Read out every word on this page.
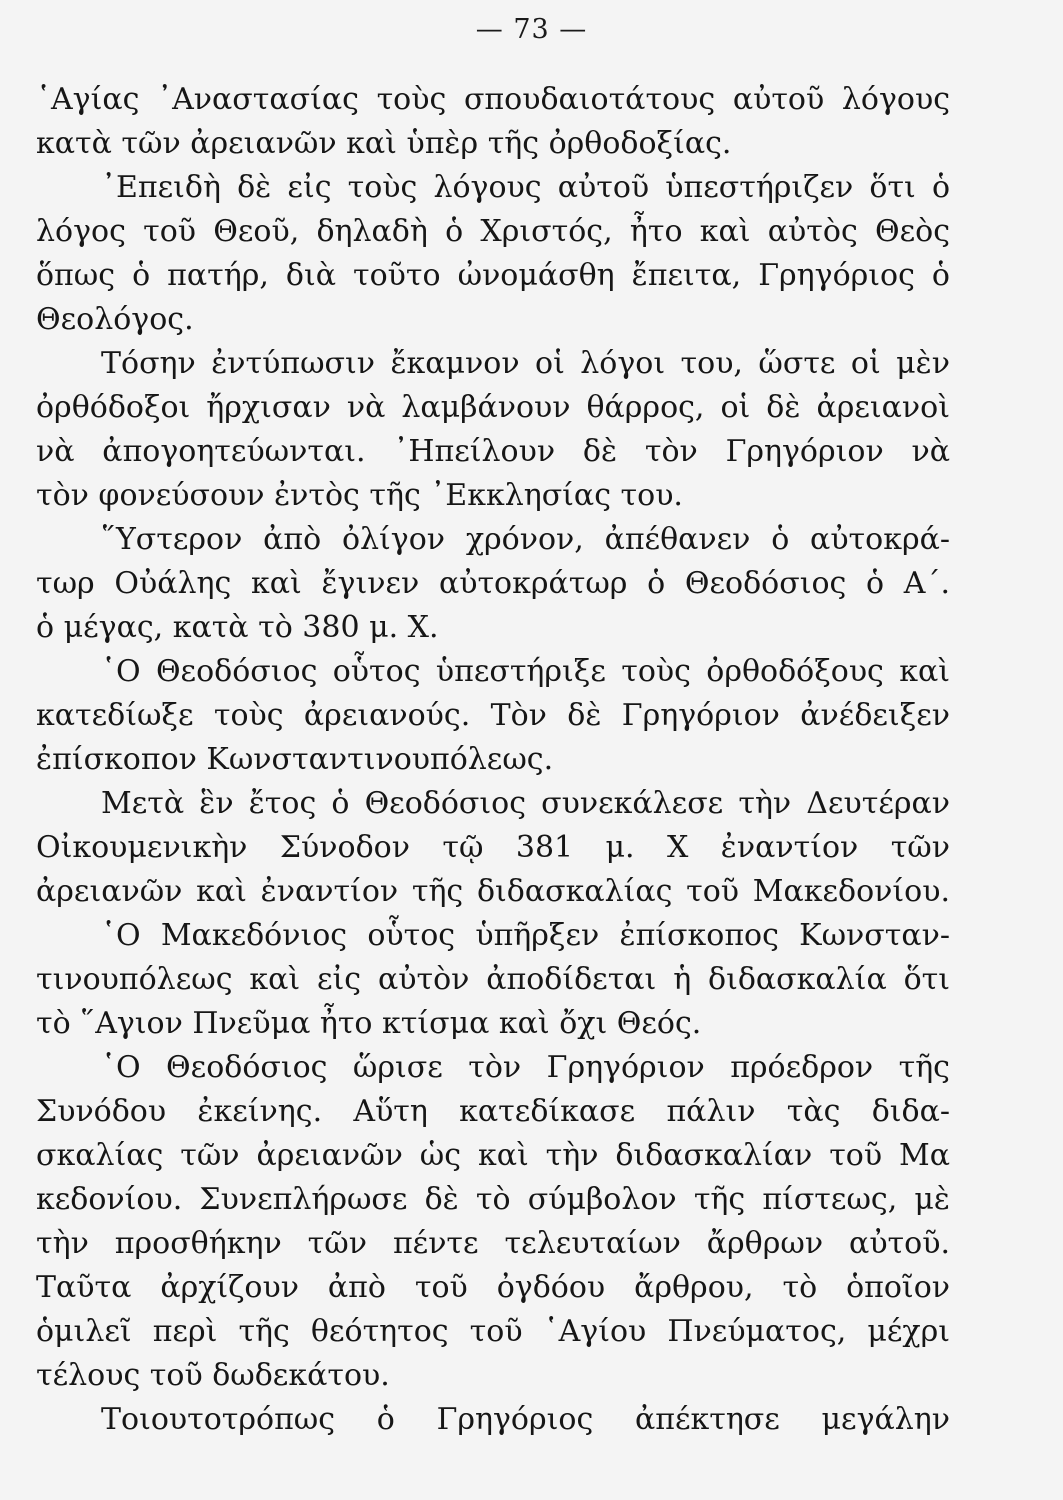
— 73 —
῾Αγίας ᾿Αναστασίας τοὺς σπουδαιοτάτους αὐτοῦ λόγους
κατὰ τῶν ἀρειανῶν καὶ ὑπὲρ τῆς ὀρθοδοξίας.
᾿Επειδὴ δὲ εἰς τοὺς λόγους αὐτοῦ ὑπεστήριζεν ὅτι ὁ
λόγος τοῦ Θεοῦ, δηλαδὴ ὁ Χριστός, ἦτο καὶ αὐτὸς Θεὸς
ὅπως ὁ πατήρ, διὰ τοῦτο ὠνομάσθη ἔπειτα, Γρηγόριος ὁ
Θεολόγος.
Τόσην ἐντύπωσιν ἔκαμνον οἱ λόγοι του, ὥστε οἱ μὲν
ὀρθόδοξοι ἤρχισαν νὰ λαμβάνουν θάρρος, οἱ δὲ ἀρειανοὶ
νὰ ἀπογοητεύωνται. ᾿Ηπείλουν δὲ τὸν Γρηγόριον νὰ
τὸν φονεύσουν ἐντὸς τῆς ᾿Εκκλησίας του.
῞Υστερον ἀπὸ ὀλίγον χρόνον, ἀπέθανεν ὁ αὐτοκρά-
τωρ Οὐάλης καὶ ἔγινεν αὐτοκράτωρ ὁ Θεοδόσιος ὁ Α΄.
ὁ μέγας, κατὰ τὸ 380 μ. Χ.
῾Ο Θεοδόσιος οὗτος ὑπεστήριξε τοὺς ὀρθοδόξους καὶ
κατεδίωξε τοὺς ἀρειανούς. Τὸν δὲ Γρηγόριον ἀνέδειξεν
ἐπίσκοπον Κωνσταντινουπόλεως.
Μετὰ ἓν ἔτος ὁ Θεοδόσιος συνεκάλεσε τὴν Δευτέραν
Οἰκουμενικὴν Σύνοδον τῷ 381 μ. Χ ἐναντίον τῶν
ἀρειανῶν καὶ ἐναντίον τῆς διδασκαλίας τοῦ Μακεδονίου.
῾Ο Μακεδόνιος οὗτος ὑπῆρξεν ἐπίσκοπος Κωνσταν-
τινουπόλεως καὶ εἰς αὐτὸν ἀποδίδεται ἡ διδασκαλία ὅτι
τὸ ῞Αγιον Πνεῦμα ἦτο κτίσμα καὶ ὄχι Θεός.
῾Ο Θεοδόσιος ὥρισε τὸν Γρηγόριον πρόεδρον τῆς
Συνόδου ἐκείνης. Αὕτη κατεδίκασε πάλιν τὰς διδα-
σκαλίας τῶν ἀρειανῶν ὡς καὶ τὴν διδασκαλίαν τοῦ Μα
κεδονίου. Συνεπλήρωσε δὲ τὸ σύμβολον τῆς πίστεως, μὲ
τὴν προσθήκην τῶν πέντε τελευταίων ἄρθρων αὐτοῦ.
Ταῦτα ἀρχίζουν ἀπὸ τοῦ ὀγδόου ἄρθρου, τὸ ὁποῖον
ὁμιλεῖ περὶ τῆς θεότητος τοῦ ῾Αγίου Πνεύματος, μέχρι
τέλους τοῦ δωδεκάτου.
Τοιουτοτρόπως ὁ Γρηγόριος ἀπέκτησε μεγάλην
